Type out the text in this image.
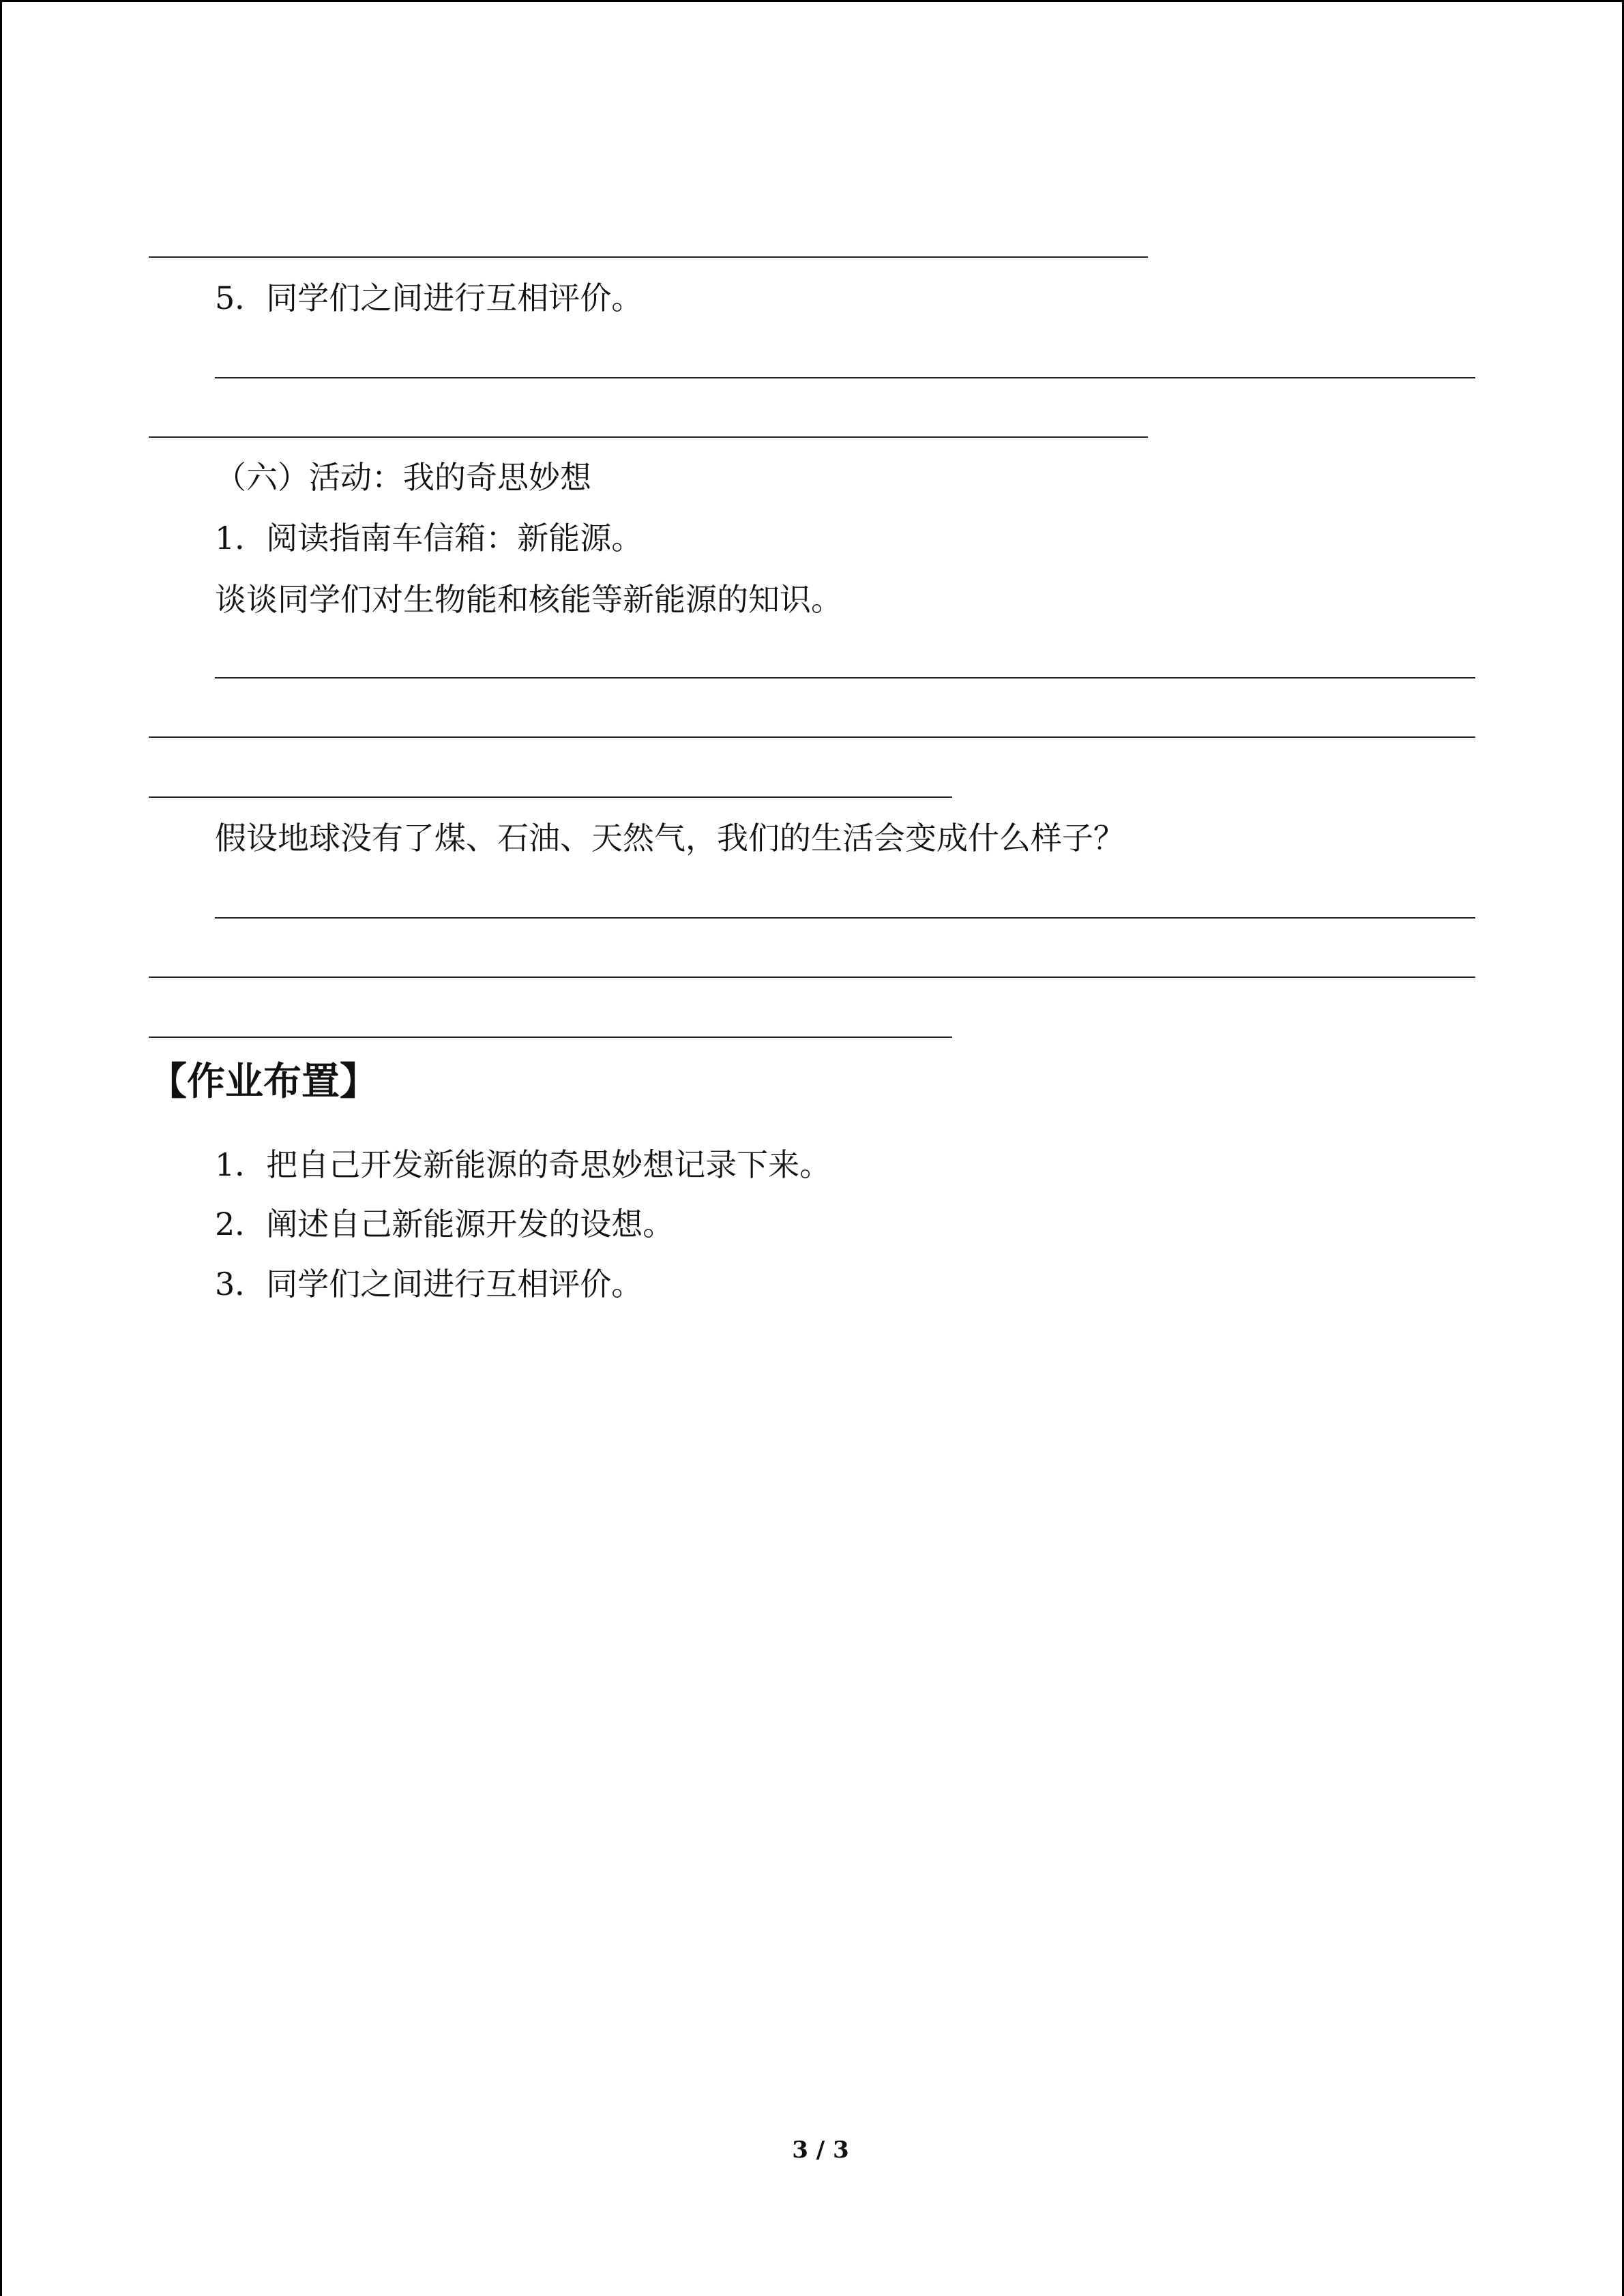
5．同学们之间进行互相评价。
（六）活动：我的奇思妙想
1．阅读指南车信箱：新能源。
谈谈同学们对生物能和核能等新能源的知识。
假设地球没有了煤、石油、天然气，我们的生活会变成什么样子？
【作业布置】
1．把自己开发新能源的奇思妙想记录下来。
2．阐述自己新能源开发的设想。
3．同学们之间进行互相评价。
3 / 3
